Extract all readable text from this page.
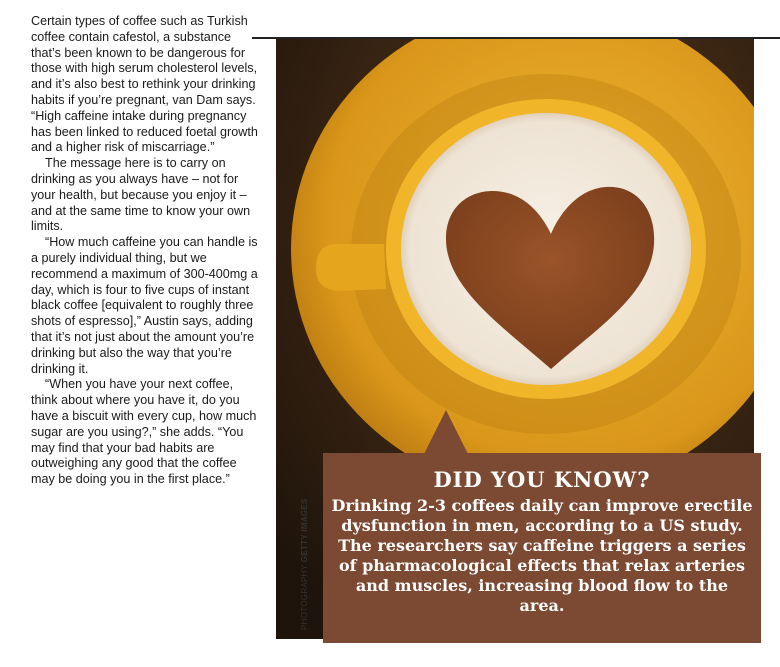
Certain types of coffee such as Turkish coffee contain cafestol, a substance that’s been known to be dangerous for those with high serum cholesterol levels, and it’s also best to rethink your drinking habits if you’re pregnant, van Dam says. “High caffeine intake during pregnancy has been linked to reduced foetal growth and a higher risk of miscarriage.”

The message here is to carry on drinking as you always have – not for your health, but because you enjoy it – and at the same time to know your own limits.

“How much caffeine you can handle is a purely individual thing, but we recommend a maximum of 300-400mg a day, which is four to five cups of instant black coffee [equivalent to roughly three shots of espresso],” Austin says, adding that it’s not just about the amount you’re drinking but also the way that you’re drinking it.

“When you have your next coffee, think about where you have it, do you have a biscuit with every cup, how much sugar are you using?,” she adds. “You may find that your bad habits are outweighing any good that the coffee may be doing you in the first place.”

PHOTOGRAPHY GETTY IMAGES
DID YOU KNOW?
Drinking 2-3 coffees daily can improve erectile dysfunction in men, according to a US study. The researchers say caffeine triggers a series of pharmacological effects that relax arteries and muscles, increasing blood flow to the area.
